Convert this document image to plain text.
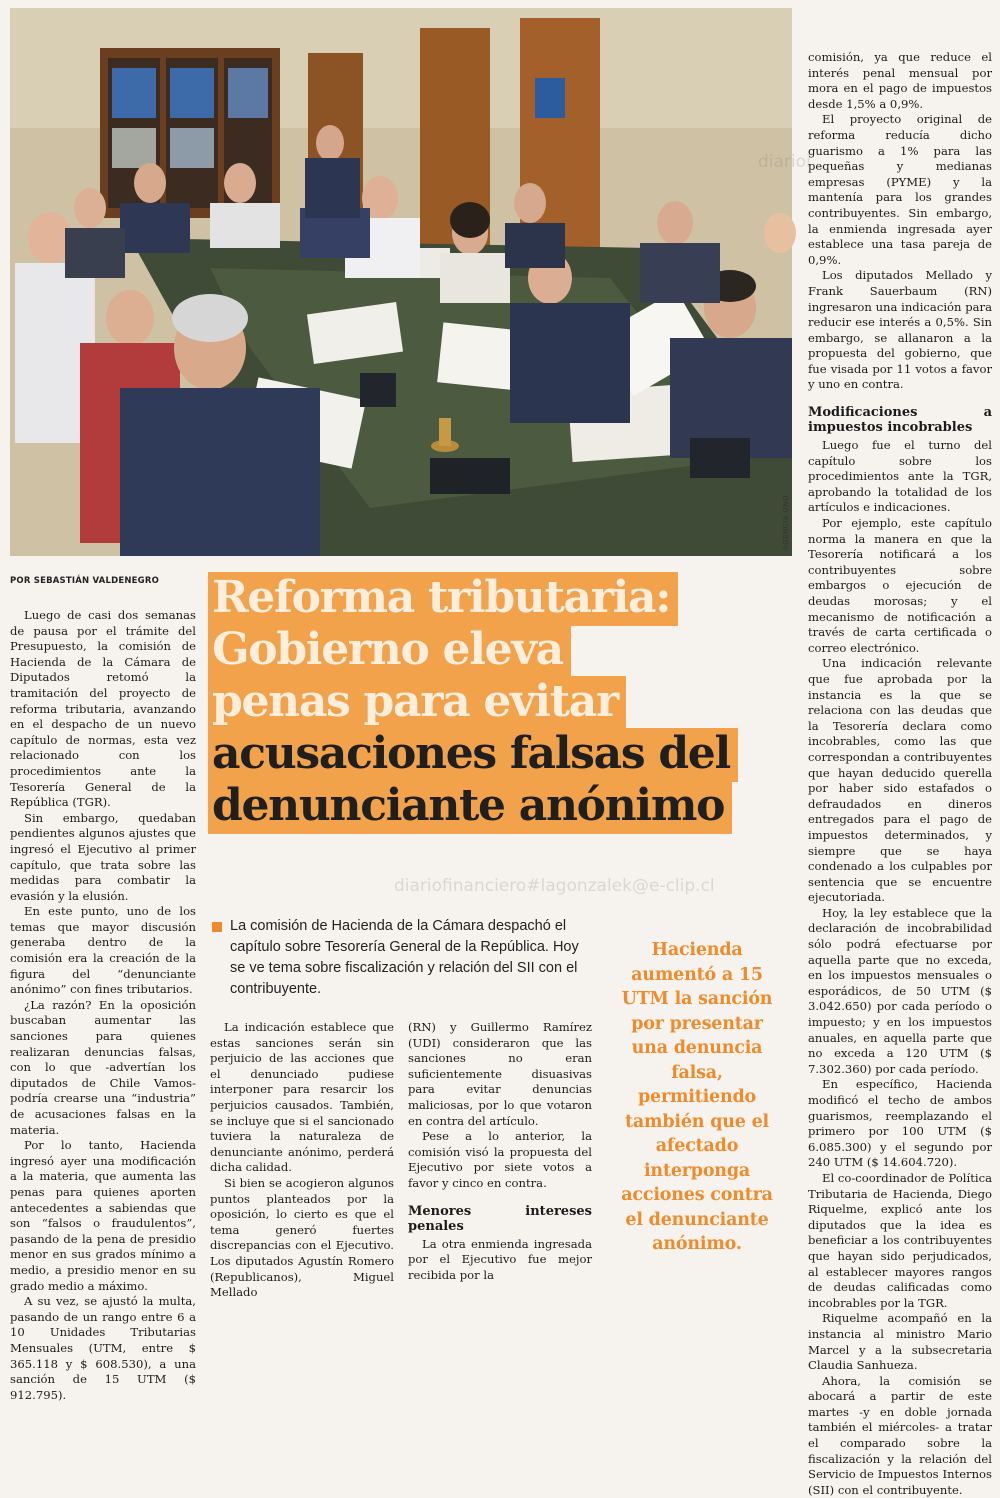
AGENCIA UNO
POR SEBASTIÁN VALDENEGRO Reforma tributaria:
Gobierno eleva
penas para evitar
acusaciones falsas del
denunciante anónimo
diariofinanciero#lagonzalek@e-clip.cl
diarioi
La comisión de Hacienda de la Cámara despachó el capítulo sobre Tesorería General de la República. Hoy se ve tema sobre fiscalización y relación del SII con el contribuyente.
Hacienda aumentó a 15 UTM la sanción por presentar una denuncia falsa, permitiendo también que el afectado interponga acciones contra el denunciante anónimo.

Luego de casi dos semanas de pausa por el trámite del Presupuesto, la comisión de Hacienda de la Cámara de Diputados retomó la tramitación del proyecto de reforma tributaria, avanzando en el despacho de un nuevo capítulo de normas, esta vez relacionado con los procedimientos ante la Tesorería General de la República (TGR).

Sin embargo, quedaban pendientes algunos ajustes que ingresó el Ejecutivo al primer capítulo, que trata sobre las medidas para combatir la evasión y la elusión.

En este punto, uno de los temas que mayor discusión generaba dentro de la comisión era la creación de la figura del “denunciante anónimo” con fines tributarios.

¿La razón? En la oposición buscaban aumentar las sanciones para quienes realizaran denuncias falsas, con lo que -advertían los diputados de Chile Vamos- podría crearse una “industria” de acusaciones falsas en la materia.

Por lo tanto, Hacienda ingresó ayer una modificación a la materia, que aumenta las penas para quienes aporten antecedentes a sabiendas que son “falsos o fraudulentos”, pasando de la pena de presidio menor en sus grados mínimo a medio, a presidio menor en su grado medio a máximo.

A su vez, se ajustó la multa, pasando de un rango entre 6 a 10 Unidades Tributarias Mensuales (UTM, entre $ 365.118 y $ 608.530), a una sanción de 15 UTM ($ 912.795).

La indicación establece que estas sanciones serán sin perjuicio de las acciones que el denunciado pudiese interponer para resarcir los perjuicios causados. También, se incluye que si el sancionado tuviera la naturaleza de denunciante anónimo, perderá dicha calidad.

Si bien se acogieron algunos puntos planteados por la oposición, lo cierto es que el tema generó fuertes discrepancias con el Ejecutivo. Los diputados Agustín Romero (Republicanos), Miguel Mellado

(RN) y Guillermo Ramírez (UDI) consideraron que las sanciones no eran suficientemente disuasivas para evitar denuncias maliciosas, por lo que votaron en contra del artículo.

Pese a lo anterior, la comisión visó la propuesta del Ejecutivo por siete votos a favor y cinco en contra.

Menores intereses penales

La otra enmienda ingresada por el Ejecutivo fue mejor recibida por la

comisión, ya que reduce el interés penal mensual por mora en el pago de impuestos desde 1,5% a 0,9%.

El proyecto original de reforma reducía dicho guarismo a 1% para las pequeñas y medianas empresas (PYME) y la mantenía para los grandes contribuyentes. Sin embargo, la enmienda ingresada ayer establece una tasa pareja de 0,9%.

Los diputados Mellado y Frank Sauerbaum (RN) ingresaron una indicación para reducir ese interés a 0,5%. Sin embargo, se allanaron a la propuesta del gobierno, que fue visada por 11 votos a favor y uno en contra.

Modificaciones a impuestos incobrables

Luego fue el turno del capítulo sobre los procedimientos ante la TGR, aprobando la totalidad de los artículos e indicaciones.

Por ejemplo, este capítulo norma la manera en que la Tesorería notificará a los contribuyentes sobre embargos o ejecución de deudas morosas; y el mecanismo de notificación a través de carta certificada o correo electrónico.

Una indicación relevante que fue aprobada por la instancia es la que se relaciona con las deudas que la Tesorería declara como incobrables, como las que correspondan a contribuyentes que hayan deducido querella por haber sido estafados o defraudados en dineros entregados para el pago de impuestos determinados, y siempre que se haya condenado a los culpables por sentencia que se encuentre ejecutoriada.

Hoy, la ley establece que la declaración de incobrabilidad sólo podrá efectuarse por aquella parte que no exceda, en los impuestos mensuales o esporádicos, de 50 UTM ($ 3.042.650) por cada período o impuesto; y en los impuestos anuales, en aquella parte que no exceda a 120 UTM ($ 7.302.360) por cada período.

En específico, Hacienda modificó el techo de ambos guarismos, reemplazando el primero por 100 UTM ($ 6.085.300) y el segundo por 240 UTM ($ 14.604.720).

El co-coordinador de Política Tributaria de Hacienda, Diego Riquelme, explicó ante los diputados que la idea es beneficiar a los contribuyentes que hayan sido perjudicados, al establecer mayores rangos de deudas calificadas como incobrables por la TGR.

Riquelme acompañó en la instancia al ministro Mario Marcel y a la subsecretaria Claudia Sanhueza.

Ahora, la comisión se abocará a partir de este martes -y en doble jornada también el miércoles- a tratar el comparado sobre la fiscalización y la relación del Servicio de Impuestos Internos (SII) con el contribuyente.
